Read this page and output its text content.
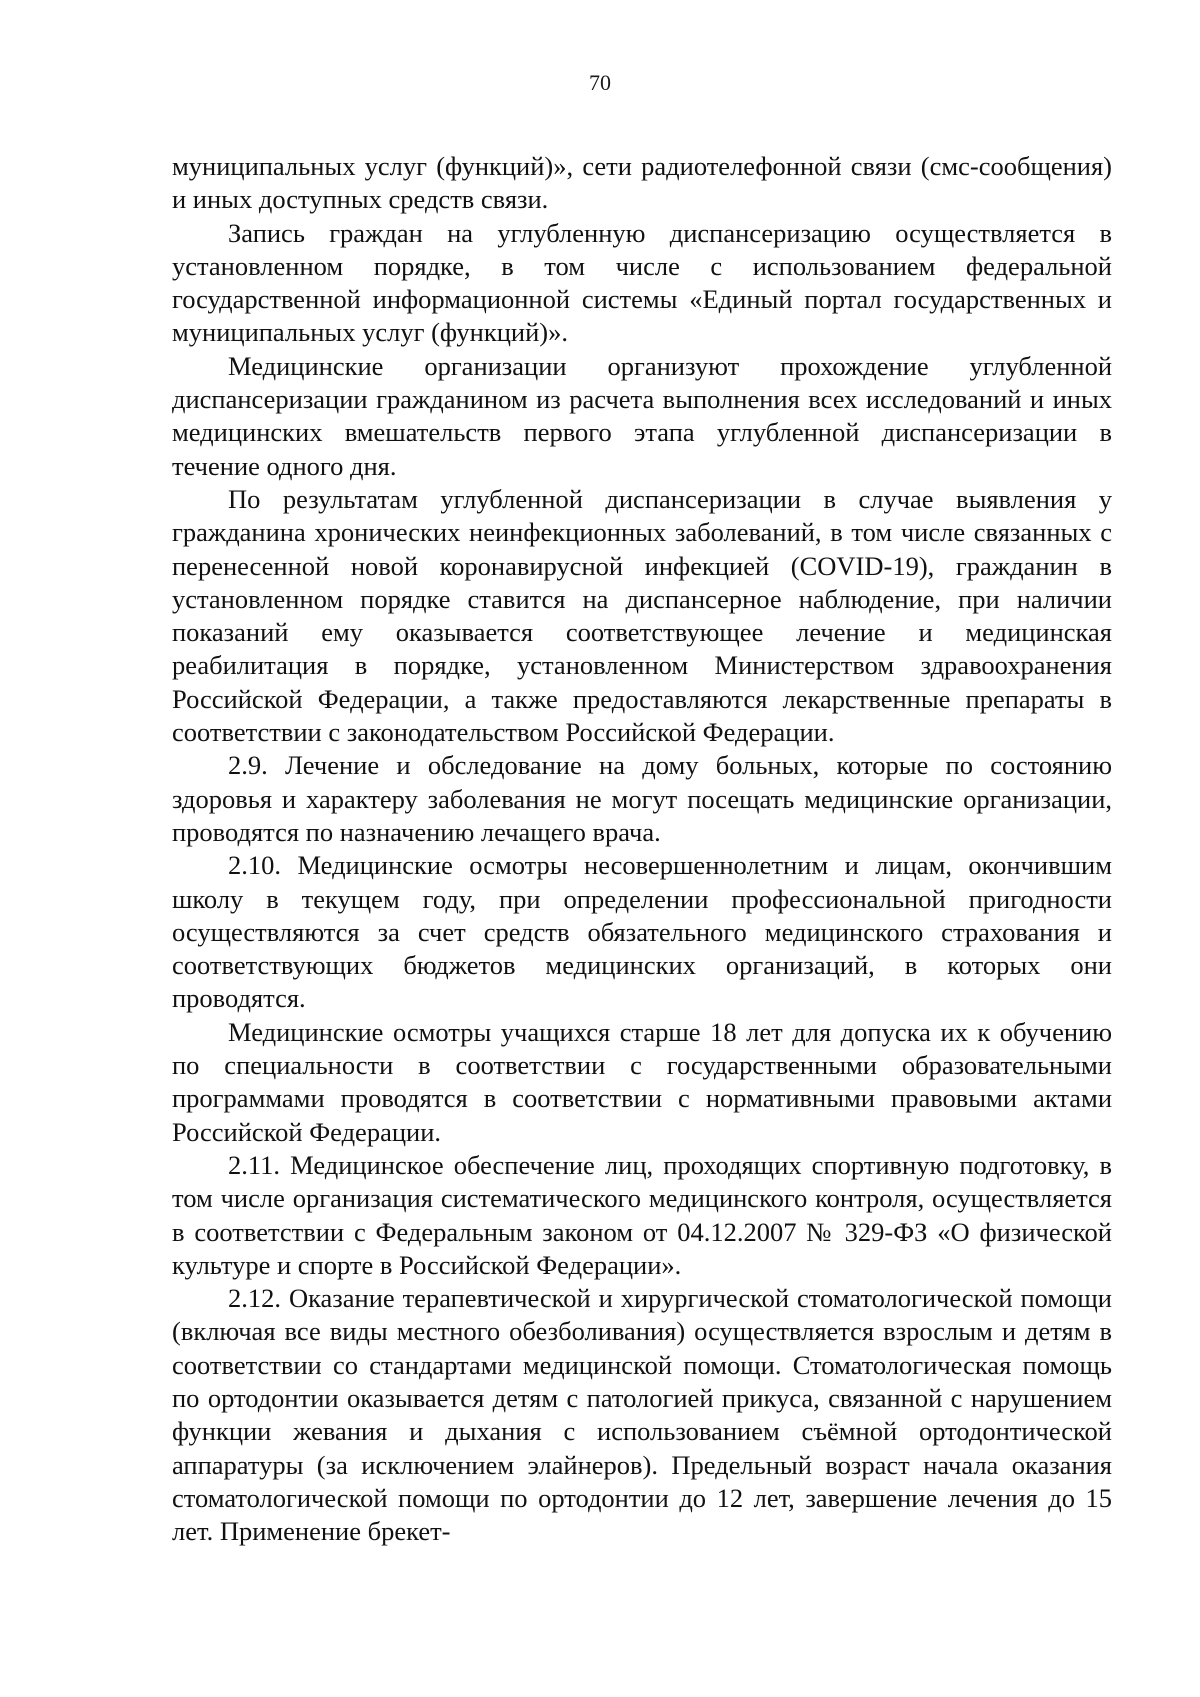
70

муниципальных услуг (функций)», сети радиотелефонной связи (смс-сообщения) и иных доступных средств связи.

Запись граждан на углубленную диспансеризацию осуществляется в установленном порядке, в том числе с использованием федеральной государственной информационной системы «Единый портал государственных и муниципальных услуг (функций)».

Медицинские организации организуют прохождение углубленной диспансеризации гражданином из расчета выполнения всех исследований и иных медицинских вмешательств первого этапа углубленной диспансеризации в течение одного дня.

По результатам углубленной диспансеризации в случае выявления у гражданина хронических неинфекционных заболеваний, в том числе связанных с перенесенной новой коронавирусной инфекцией (COVID-19), гражданин в установленном порядке ставится на диспансерное наблюдение, при наличии показаний ему оказывается соответствующее лечение и медицинская реабилитация в порядке, установленном Министерством здравоохранения Российской Федерации, а также предоставляются лекарственные препараты в соответствии с законодательством Российской Федерации.

2.9. Лечение и обследование на дому больных, которые по состоянию здоровья и характеру заболевания не могут посещать медицинские организации, проводятся по назначению лечащего врача.

2.10. Медицинские осмотры несовершеннолетним и лицам, окончившим школу в текущем году, при определении профессиональной пригодности осуществляются за счет средств обязательного медицинского страхования и соответствующих бюджетов медицинских организаций, в которых они проводятся.

Медицинские осмотры учащихся старше 18 лет для допуска их к обучению по специальности в соответствии с государственными образовательными программами проводятся в соответствии с нормативными правовыми актами Российской Федерации.

2.11. Медицинское обеспечение лиц, проходящих спортивную подготовку, в том числе организация систематического медицинского контроля, осуществляется в соответствии с Федеральным законом от 04.12.2007 № 329-ФЗ «О физической культуре и спорте в Российской Федерации».

2.12. Оказание терапевтической и хирургической стоматологической помощи (включая все виды местного обезболивания) осуществляется взрослым и детям в соответствии со стандартами медицинской помощи. Стоматологическая помощь по ортодонтии оказывается детям с патологией прикуса, связанной с нарушением функции жевания и дыхания с использованием съёмной ортодонтической аппаратуры (за исключением элайнеров). Предельный возраст начала оказания стоматологической помощи по ортодонтии до 12 лет, завершение лечения до 15 лет. Применение брекет-
